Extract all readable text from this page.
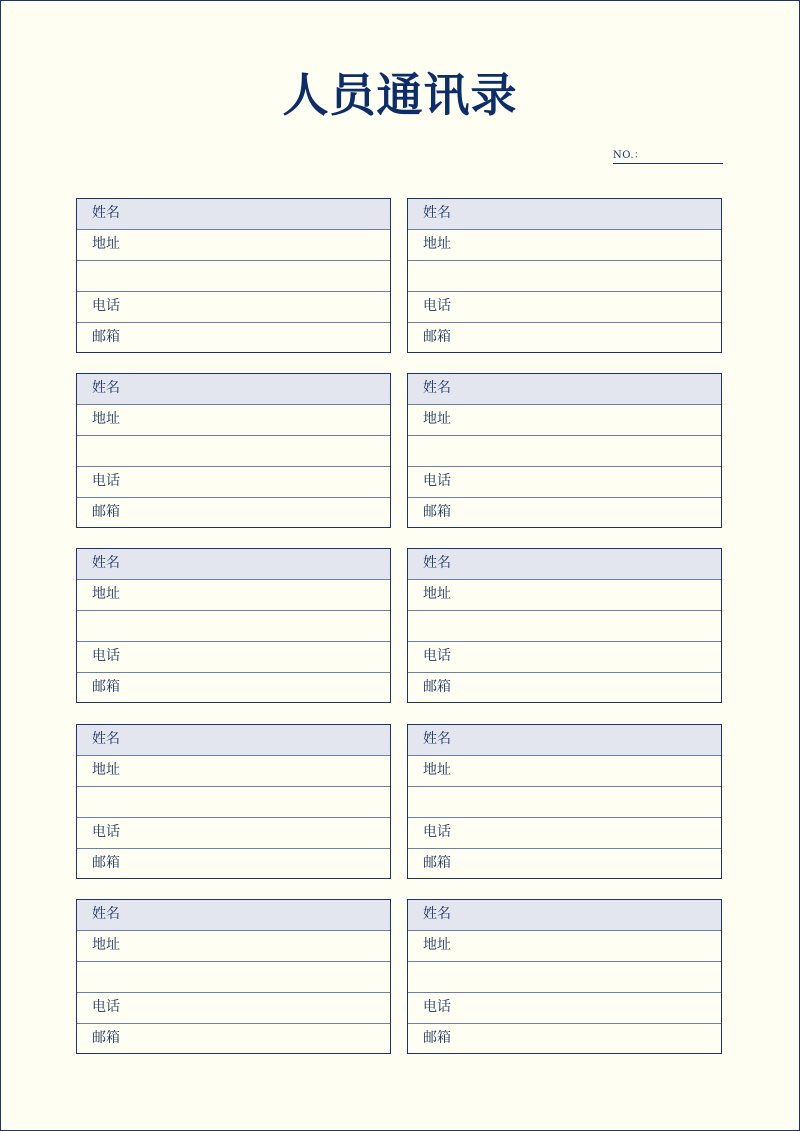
人员通讯录
NO.：
姓名
地址
电话
邮箱
姓名
地址
电话
邮箱
姓名
地址
电话
邮箱
姓名
地址
电话
邮箱
姓名
地址
电话
邮箱
姓名
地址
电话
邮箱
姓名
地址
电话
邮箱
姓名
地址
电话
邮箱
姓名
地址
电话
邮箱
姓名
地址
电话
邮箱
